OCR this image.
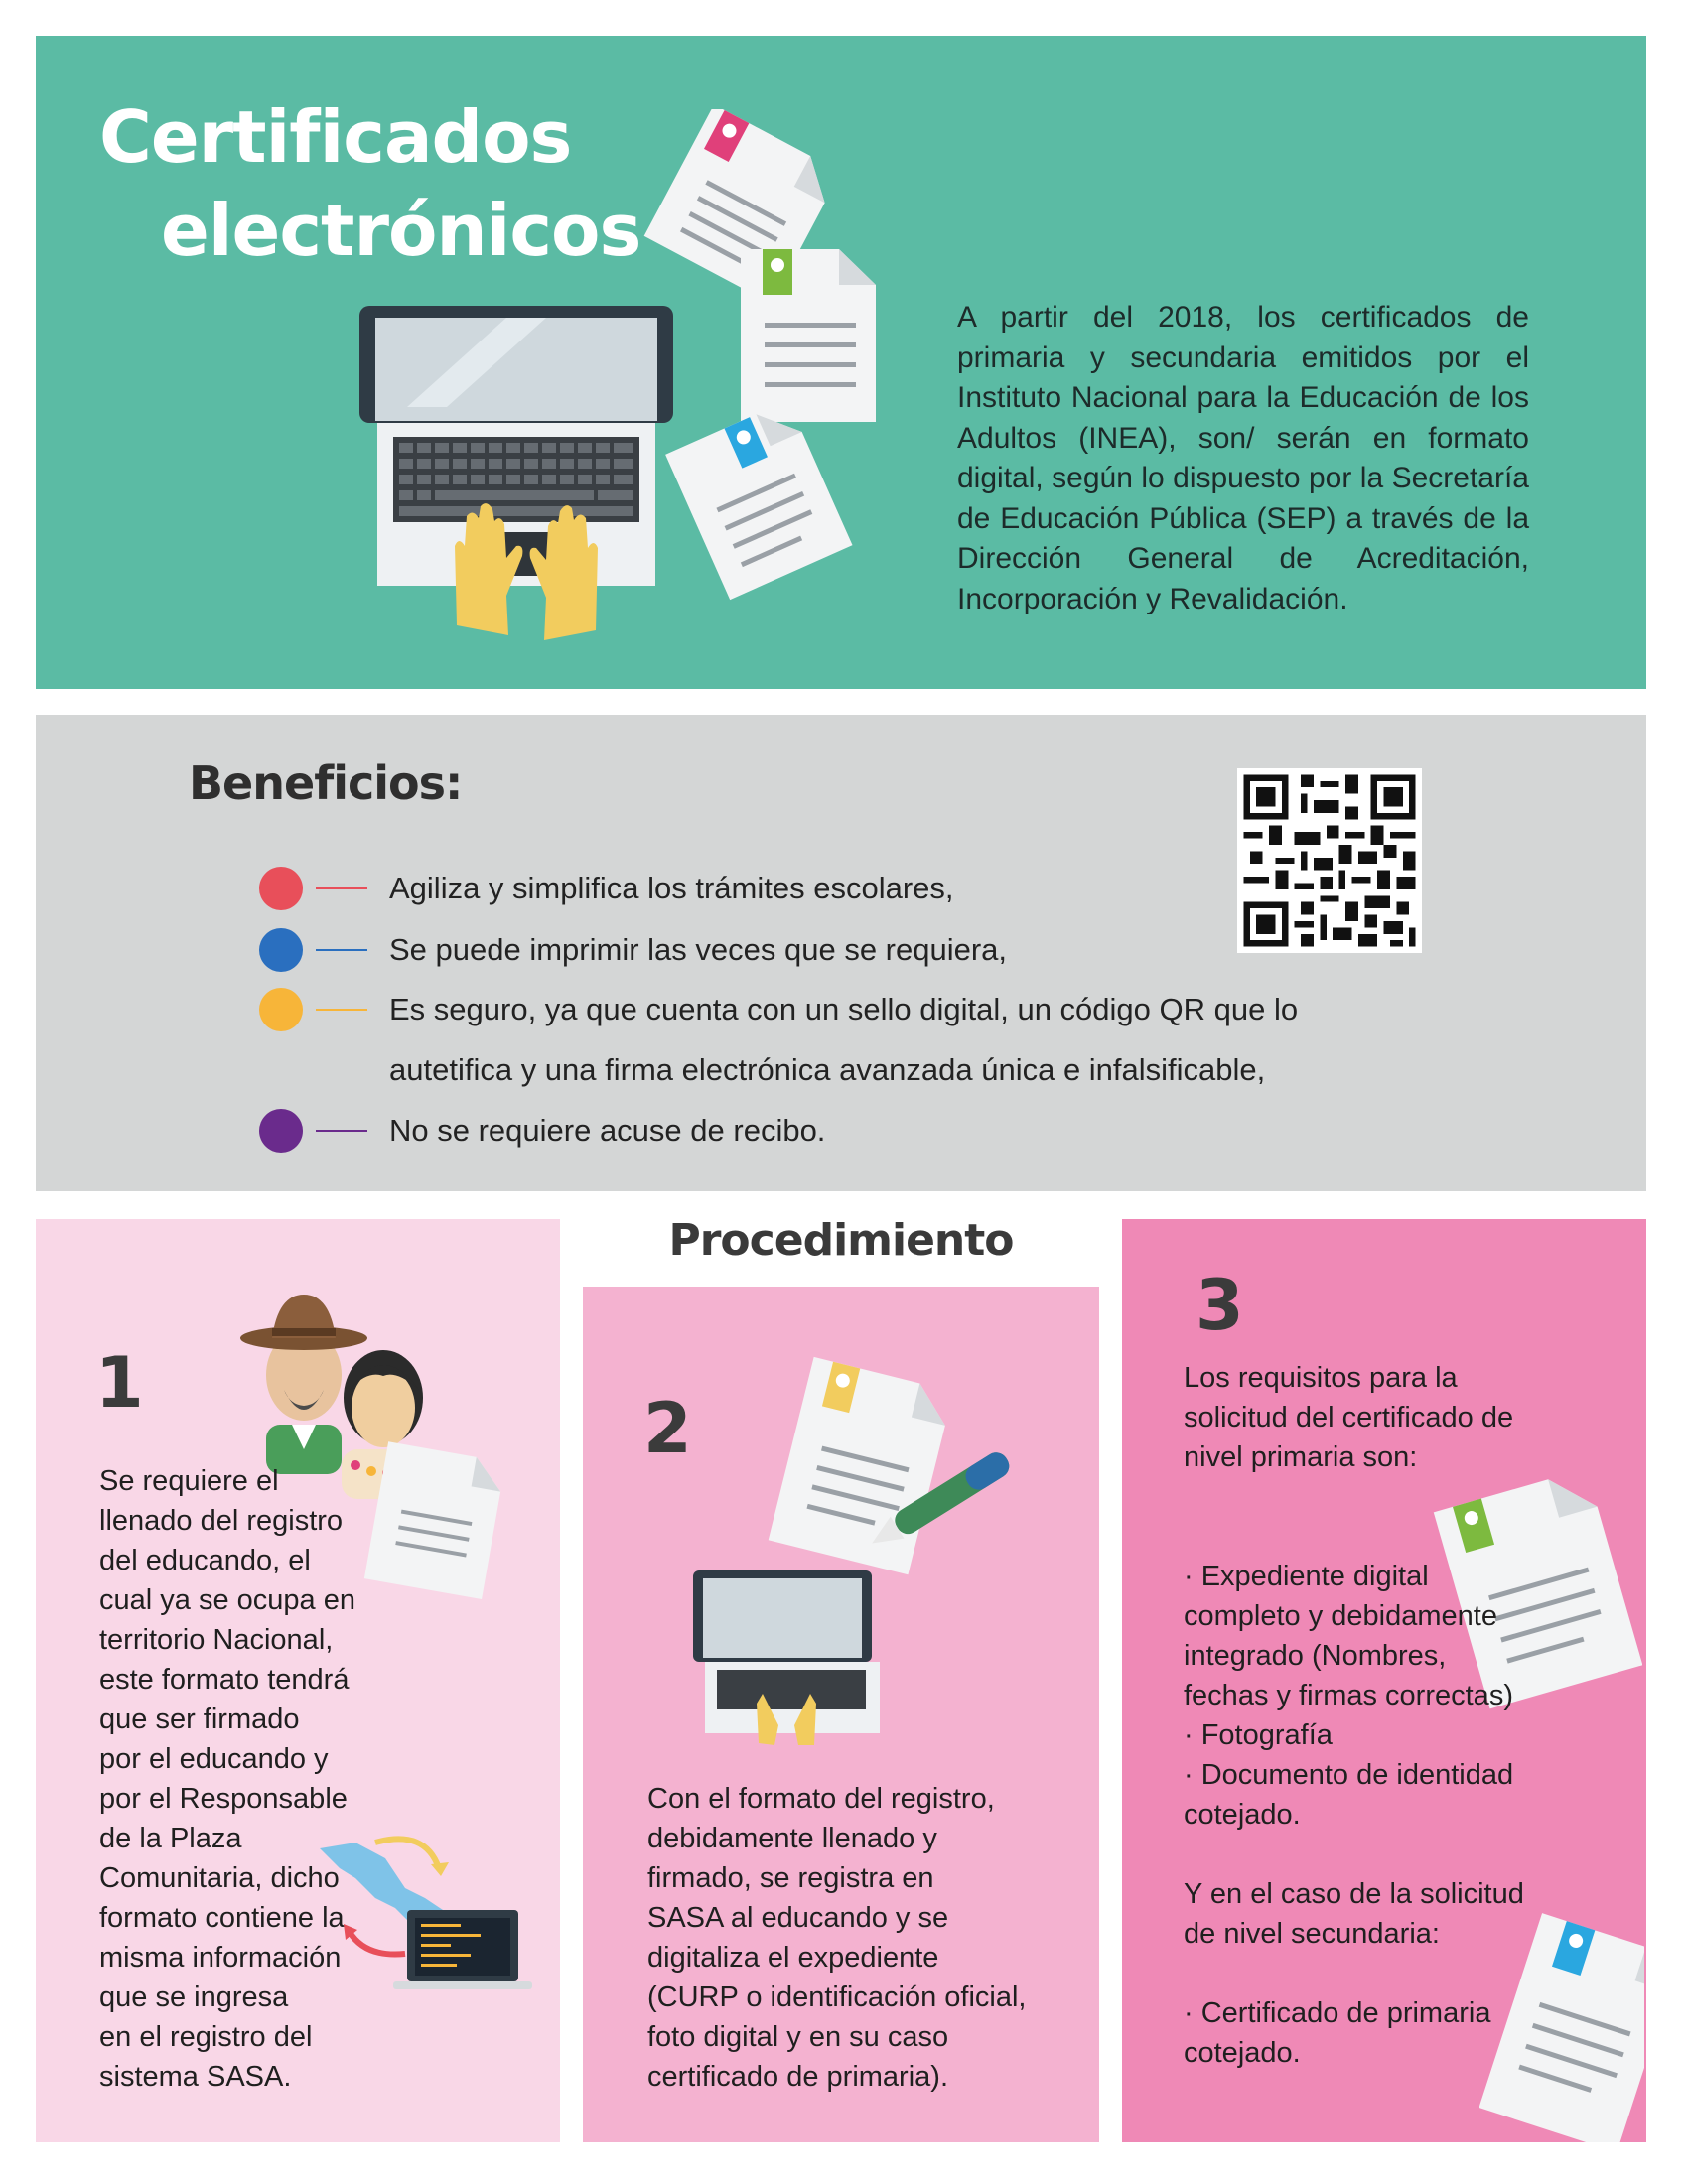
Certificados
electrónicos
A partir del 2018, los certificados de primaria y secundaria emitidos por el Instituto Nacional para la Educación de los Adultos (INEA), son/ serán en formato digital, según lo dispuesto por la Secretaría de Educación Pública (SEP) a través de la Dirección General de Acreditación, Incorporación y Revalidación.
Beneficios:
Agiliza y simplifica los trámites escolares,
Se puede imprimir las veces que se requiera,
Es seguro, ya que cuenta con un sello digital, un código QR que lo
autetifica y una firma electrónica avanzada única e infalsificable,
No se requiere acuse de recibo.
Procedimiento
1
Se requiere el
llenado del registro
del educando, el
cual ya se ocupa en
territorio Nacional,
este formato tendrá
que ser firmado
por el educando y
por el Responsable
de la Plaza
Comunitaria, dicho
formato contiene la
misma información
que se ingresa
en el registro del
sistema SASA.
2
Con el formato del registro,
debidamente llenado y
firmado, se registra en
SASA al educando y se
digitaliza el expediente
(CURP o identificación oficial,
foto digital y en su caso
certificado de primaria).
3
Los requisitos para la
solicitud del certificado de
nivel primaria son:
· Expediente digital
completo y debidamente
integrado (Nombres,
fechas y firmas correctas)
· Fotografía
· Documento de identidad
cotejado.
Y en el caso de la solicitud
de nivel secundaria:
· Certificado de primaria
cotejado.
